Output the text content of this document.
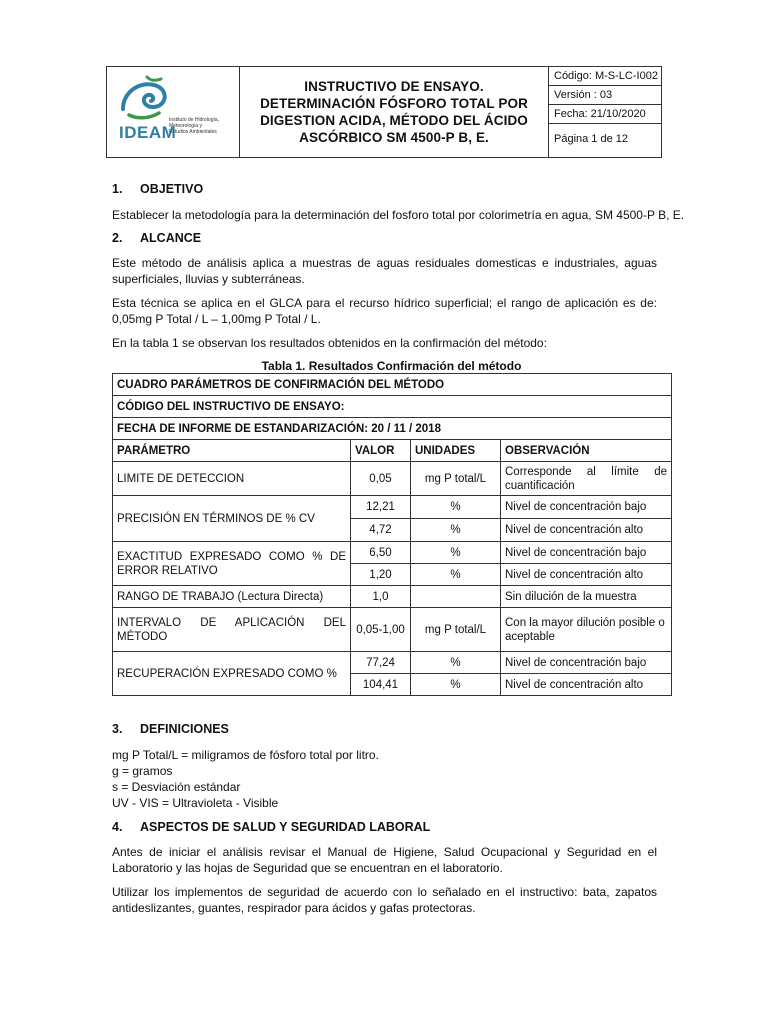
IDEAM
Instituto de Hidrología,
Meteorología y
Estudios Ambientales
INSTRUCTIVO DE ENSAYO.
DETERMINACIÓN FÓSFORO TOTAL POR
DIGESTION ACIDA, MÉTODO DEL ÁCIDO
ASCÓRBICO SM 4500-P B, E.
Código: M-S-LC-I002
Versión : 03
Fecha: 21/10/2020
Página 1 de 12
1. OBJETIVO
Establecer la metodología para la determinación del fosforo total por colorimetría en agua, SM 4500-P B, E.
2. ALCANCE
Este método de análisis aplica a muestras de aguas residuales domesticas e industriales, aguas superficiales, lluvias y subterráneas.
Esta técnica se aplica en el GLCA para el recurso hídrico superficial; el rango de aplicación es de: 0,05mg P Total / L – 1,00mg P Total / L.
En la tabla 1 se observan los resultados obtenidos en la confirmación del método:
Tabla 1. Resultados Confirmación del método
CUADRO PARÁMETROS DE CONFIRMACIÓN DEL MÉTODO			
CÓDIGO DEL INSTRUCTIVO DE ENSAYO:			
FECHA DE INFORME DE ESTANDARIZACIÓN: 20 / 11 / 2018			
PARÁMETRO	VALOR	UNIDADES	OBSERVACIÓN
LIMITE DE DETECCION	0,05	mg P total/L	Corresponde al límite de cuantificación
PRECISIÓN EN TÉRMINOS DE % CV	12,21	%	Nivel de concentración bajo
	4,72	%	Nivel de concentración alto
EXACTITUD EXPRESADO COMO % DE ERROR RELATIVO	6,50	%	Nivel de concentración bajo
	1,20	%	Nivel de concentración alto
RANGO DE TRABAJO (Lectura Directa)	1,0		Sin dilución de la muestra
INTERVALO DE APLICACIÓN DEL MÉTODO	0,05-1,00	mg P total/L	Con la mayor dilución posible o aceptable
RECUPERACIÓN EXPRESADO COMO %	77,24	%	Nivel de concentración bajo
	104,41	%	Nivel de concentración alto
3. DEFINICIONES
mg P Total/L = miligramos de fósforo total por litro.
g = gramos
s = Desviación estándar
UV - VIS = Ultravioleta - Visible
4. ASPECTOS DE SALUD Y SEGURIDAD LABORAL
Antes de iniciar el análisis revisar el Manual de Higiene, Salud Ocupacional y Seguridad en el Laboratorio y las hojas de Seguridad que se encuentran en el laboratorio.
Utilizar los implementos de seguridad de acuerdo con lo señalado en el instructivo: bata, zapatos antideslizantes, guantes, respirador para ácidos y gafas protectoras.
